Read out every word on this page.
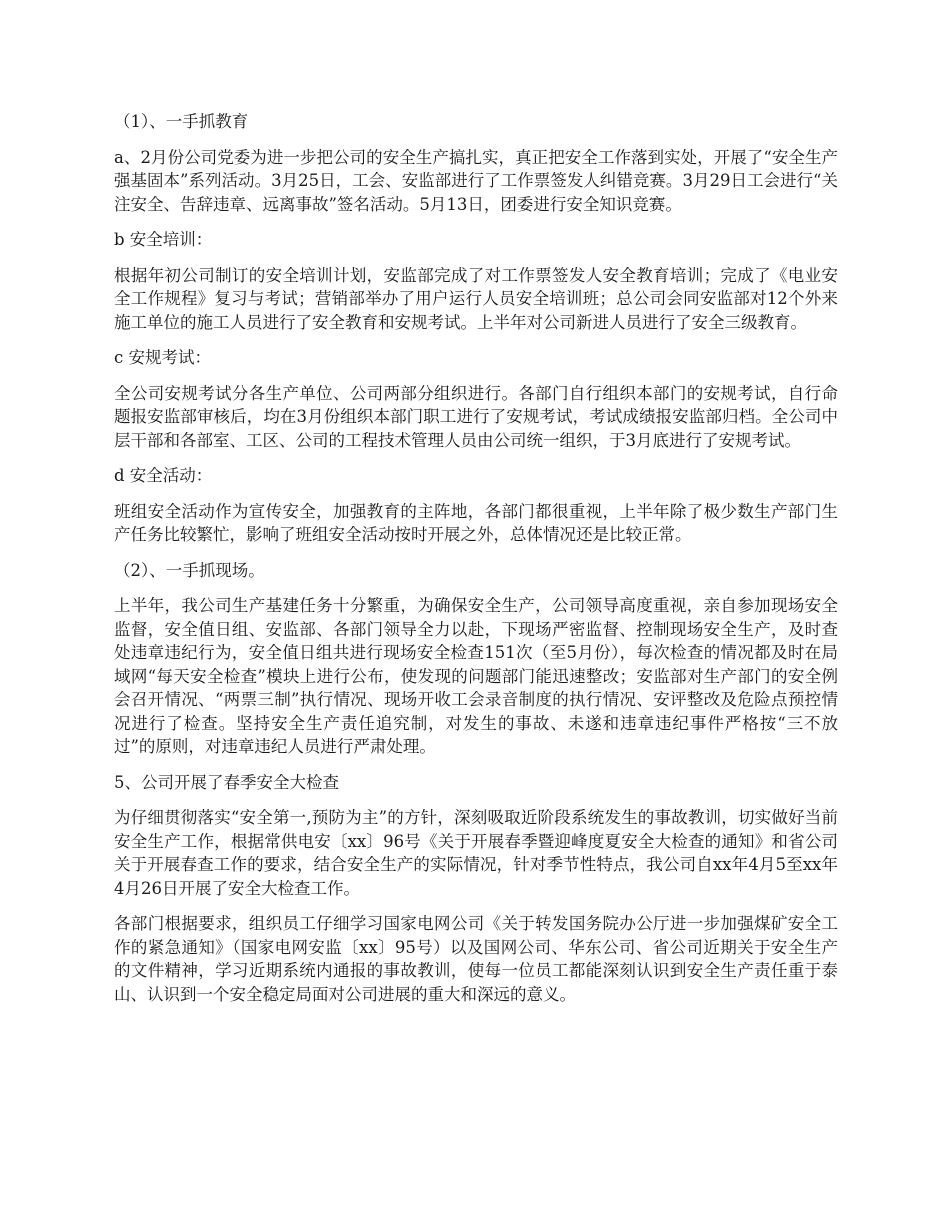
（1）、一手抓教育

a、2月份公司党委为进一步把公司的安全生产搞扎实，真正把安全工作落到实处，开展了“安全生产强基固本”系列活动。3月25日，工会、安监部进行了工作票签发人纠错竞赛。3月29日工会进行“关注安全、告辞违章、远离事故”签名活动。5月13日，团委进行安全知识竞赛。

b 安全培训：

根据年初公司制订的安全培训计划，安监部完成了对工作票签发人安全教育培训；完成了《电业安全工作规程》复习与考试；营销部举办了用户运行人员安全培训班；总公司会同安监部对12个外来施工单位的施工人员进行了安全教育和安规考试。上半年对公司新进人员进行了安全三级教育。

c 安规考试：

全公司安规考试分各生产单位、公司两部分组织进行。各部门自行组织本部门的安规考试，自行命题报安监部审核后，均在3月份组织本部门职工进行了安规考试，考试成绩报安监部归档。全公司中层干部和各部室、工区、公司的工程技术管理人员由公司统一组织，于3月底进行了安规考试。

d 安全活动：

班组安全活动作为宣传安全，加强教育的主阵地，各部门都很重视，上半年除了极少数生产部门生产任务比较繁忙，影响了班组安全活动按时开展之外，总体情况还是比较正常。

（2）、一手抓现场。

上半年，我公司生产基建任务十分繁重，为确保安全生产，公司领导高度重视，亲自参加现场安全监督，安全值日组、安监部、各部门领导全力以赴，下现场严密监督、控制现场安全生产，及时查处违章违纪行为，安全值日组共进行现场安全检查151次（至5月份），每次检查的情况都及时在局域网“每天安全检查”模块上进行公布，使发现的问题部门能迅速整改；安监部对生产部门的安全例会召开情况、“两票三制”执行情况、现场开收工会录音制度的执行情况、安评整改及危险点预控情况进行了检查。坚持安全生产责任追究制，对发生的事故、未遂和违章违纪事件严格按“三不放过”的原则，对违章违纪人员进行严肃处理。

5、公司开展了春季安全大检查

为仔细贯彻落实“安全第一,预防为主”的方针，深刻吸取近阶段系统发生的事故教训，切实做好当前安全生产工作，根据常供电安〔xx〕96号《关于开展春季暨迎峰度夏安全大检查的通知》和省公司关于开展春查工作的要求，结合安全生产的实际情况，针对季节性特点，我公司自xx年4月5至xx年4月26日开展了安全大检查工作。

各部门根据要求，组织员工仔细学习国家电网公司《关于转发国务院办公厅进一步加强煤矿安全工作的紧急通知》（国家电网安监〔xx〕95号）以及国网公司、华东公司、省公司近期关于安全生产的文件精神，学习近期系统内通报的事故教训，使每一位员工都能深刻认识到安全生产责任重于泰山、认识到一个安全稳定局面对公司进展的重大和深远的意义。
